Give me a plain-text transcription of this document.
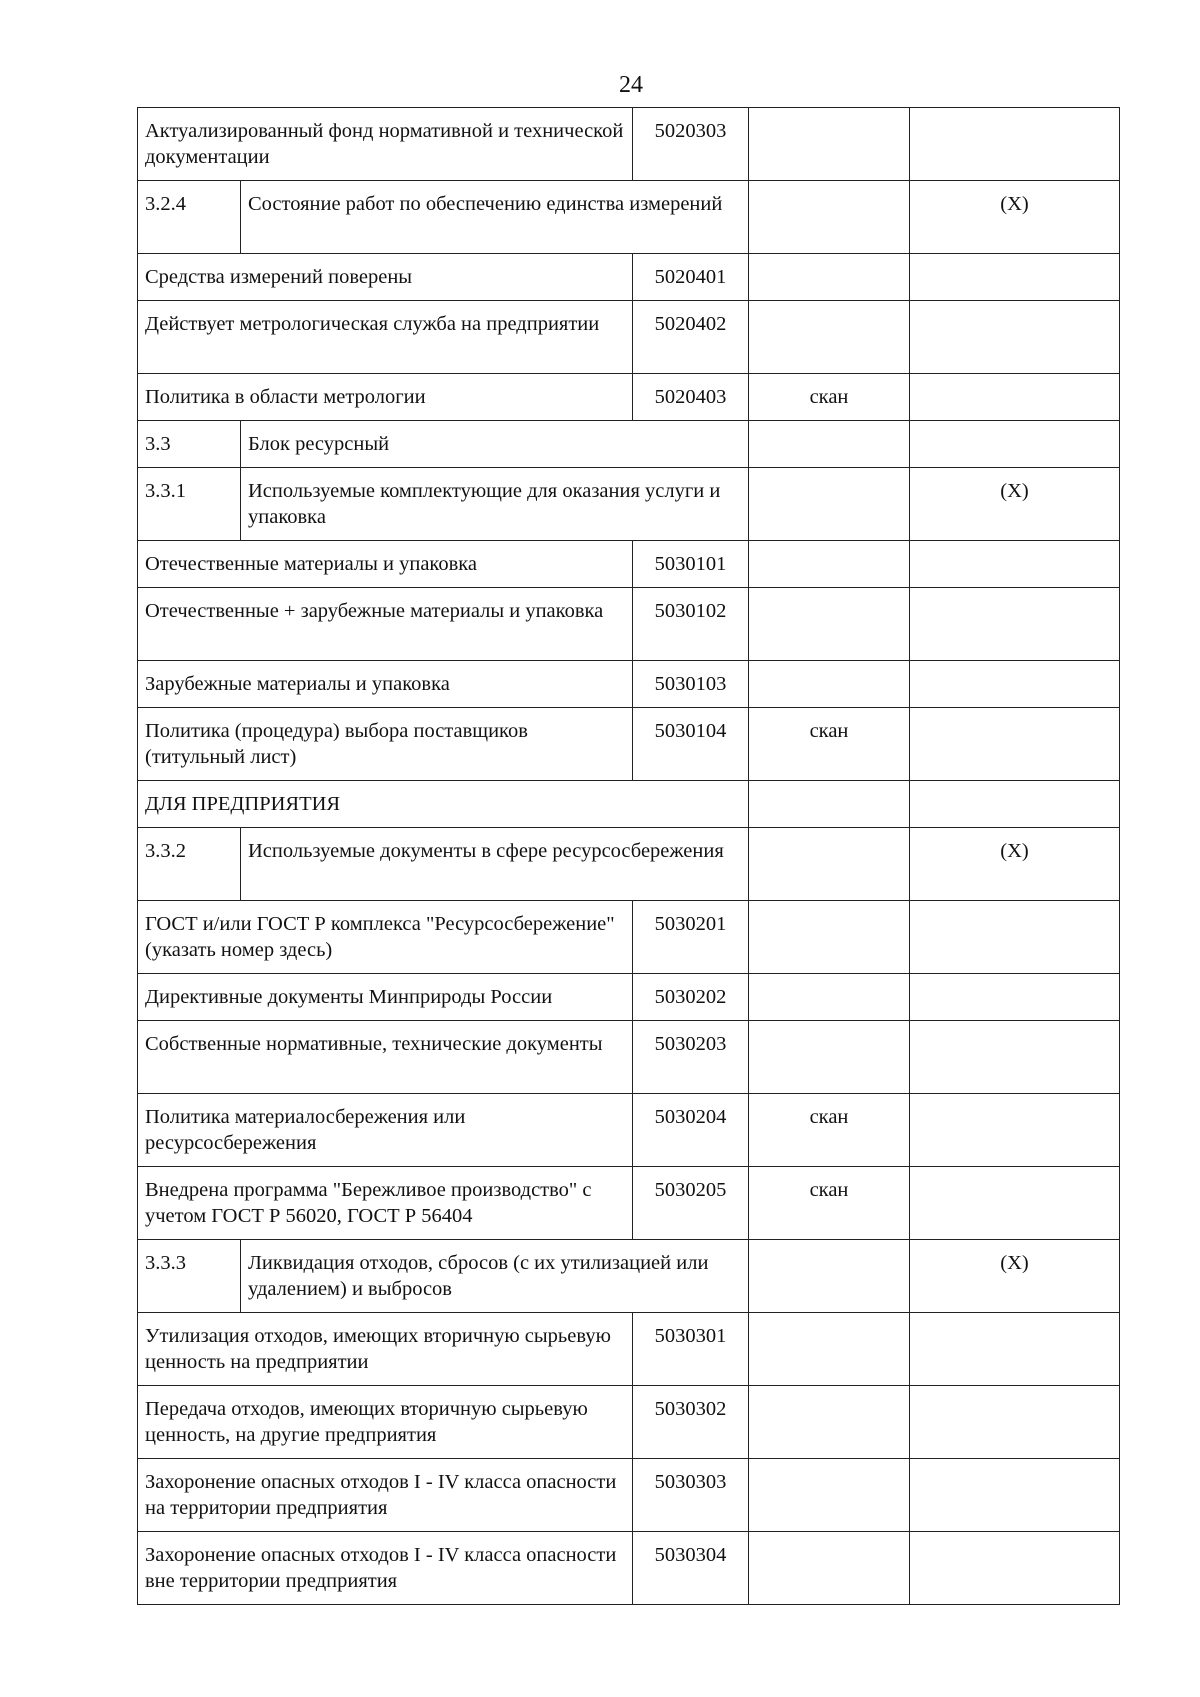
24
Актуализированный фонд нормативной и технической документации		5020303		
3.2.4	Состояние работ по обеспечению единства измерений			(X)
Средства измерений поверены		5020401		
Действует метрологическая служба на предприятии		5020402		
Политика в области метрологии		5020403	скан	
3.3	Блок ресурсный			
3.3.1	Используемые комплектующие для оказания услуги и упаковка			(X)
Отечественные материалы и упаковка		5030101		
Отечественные + зарубежные материалы и упаковка		5030102		
Зарубежные материалы и упаковка		5030103		
Политика (процедура) выбора поставщиков (титульный лист)		5030104	скан	
ДЛЯ ПРЕДПРИЯТИЯ				
3.3.2	Используемые документы в сфере ресурсосбережения			(X)
ГОСТ и/или ГОСТ Р комплекса "Ресурсосбережение" (указать номер здесь)		5030201		
Директивные документы Минприроды России		5030202		
Собственные нормативные, технические документы		5030203		
Политика материалосбережения или ресурсосбережения		5030204	скан	
Внедрена программа "Бережливое производство" с учетом ГОСТ Р 56020, ГОСТ Р 56404		5030205	скан	
3.3.3	Ликвидация отходов, сбросов (с их утилизацией или удалением) и выбросов			(X)
Утилизация отходов, имеющих вторичную сырьевую ценность на предприятии		5030301		
Передача отходов, имеющих вторичную сырьевую ценность, на другие предприятия		5030302		
Захоронение опасных отходов I - IV класса опасности на территории предприятия		5030303		
Захоронение опасных отходов I - IV класса опасности вне территории предприятия		5030304		
